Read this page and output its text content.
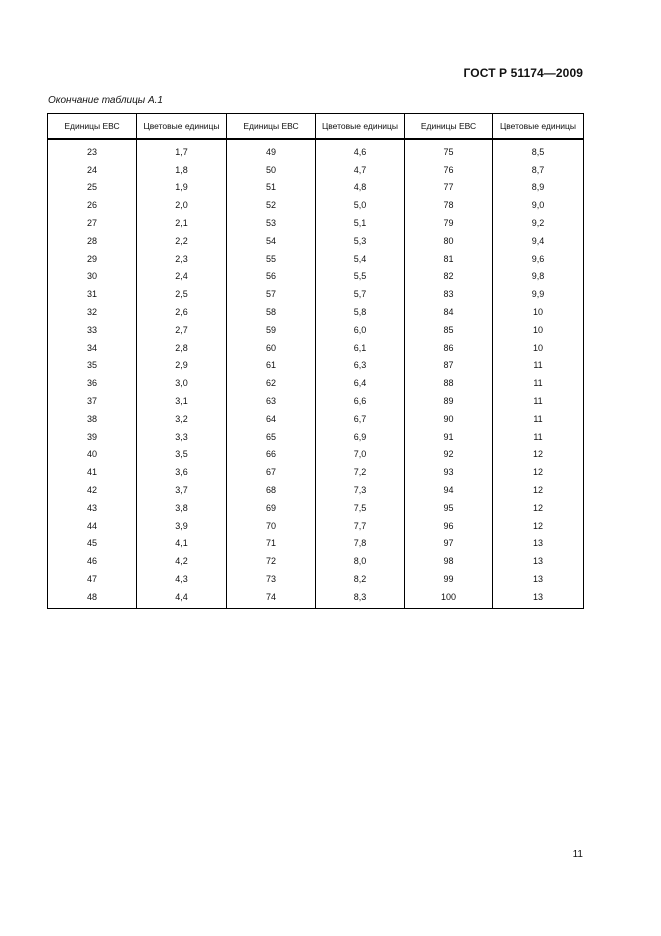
ГОСТ Р 51174—2009
Окончание таблицы А.1
Единицы ЕВС	Цветовые единицы	Единицы ЕВС	Цветовые единицы	Единицы ЕВС	Цветовые единицы
23	1,7	49	4,6	75	8,5
24	1,8	50	4,7	76	8,7
25	1,9	51	4,8	77	8,9
26	2,0	52	5,0	78	9,0
27	2,1	53	5,1	79	9,2
28	2,2	54	5,3	80	9,4
29	2,3	55	5,4	81	9,6
30	2,4	56	5,5	82	9,8
31	2,5	57	5,7	83	9,9
32	2,6	58	5,8	84	10
33	2,7	59	6,0	85	10
34	2,8	60	6,1	86	10
35	2,9	61	6,3	87	11
36	3,0	62	6,4	88	11
37	3,1	63	6,6	89	11
38	3,2	64	6,7	90	11
39	3,3	65	6,9	91	11
40	3,5	66	7,0	92	12
41	3,6	67	7,2	93	12
42	3,7	68	7,3	94	12
43	3,8	69	7,5	95	12
44	3,9	70	7,7	96	12
45	4,1	71	7,8	97	13
46	4,2	72	8,0	98	13
47	4,3	73	8,2	99	13
48	4,4	74	8,3	100	13
11
